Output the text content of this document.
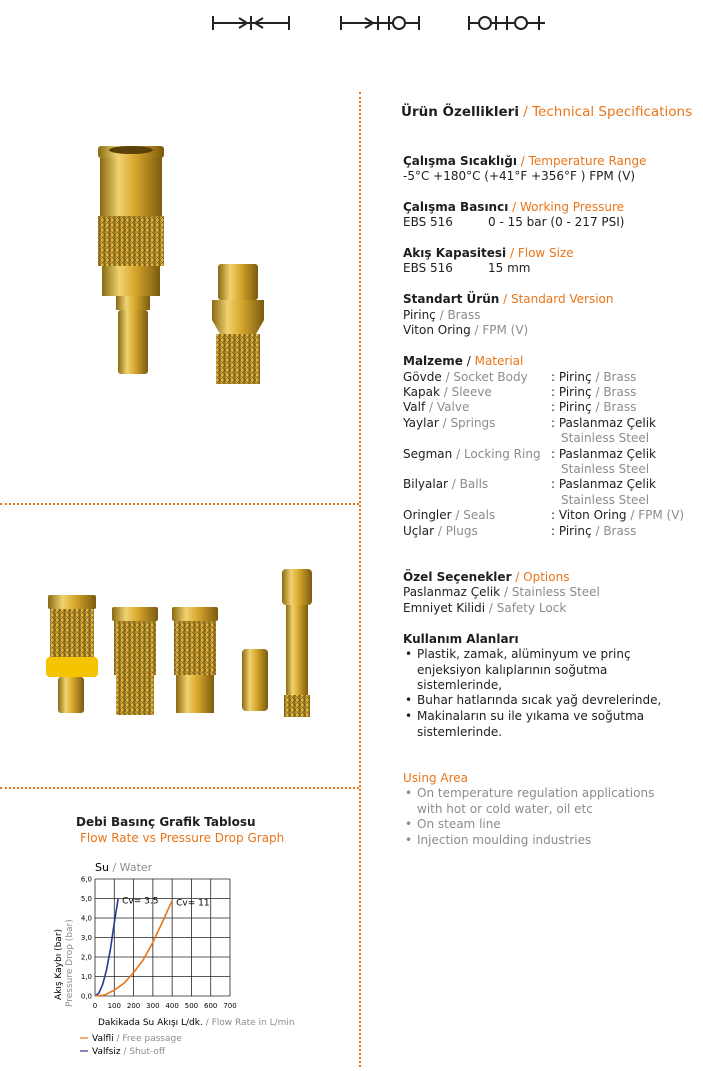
Ürün Özellikleri / Technical Specifications
Çalışma Sıcaklığı / Temperature Range
-5°C +180°C (+41°F +356°F ) FPM (V)
Çalışma Basıncı / Working Pressure
EBS 516	0 - 15 bar (0 - 217 PSI)
Akış Kapasitesi / Flow Size
EBS 516	15 mm
Standart Ürün / Standard Version
Pirinç / Brass
Viton Oring / FPM (V)
Malzeme / Material
Gövde / Socket Body : Pirinç / Brass
Kapak / Sleeve	: Pirinç / Brass
Valf / Valve	: Pirinç / Brass
Yaylar / Springs	: Paslanmaz Çelik
Stainless Steel
Segman / Locking Ring : Paslanmaz Çelik
Stainless Steel
Bilyalar / Balls	: Paslanmaz Çelik
Stainless Steel
Oringler / Seals	: Viton Oring / FPM (V)
Uçlar / Plugs	: Pirinç / Brass
Özel Seçenekler / Options
Paslanmaz Çelik / Stainless Steel
Emniyet Kilidi / Safety Lock
Kullanım Alanları
• Plastik, zamak, alüminyum ve prinç
enjeksiyon kalıplarının soğutma
sistemlerinde,
• Buhar hatlarında sıcak yağ devrelerinde,
• Makinaların su ile yıkama ve soğutma
sistemlerinde.
Using Area
• On temperature regulation applications
with hot or cold water, oil etc
• On steam line
• Injection moulding industries
Debi Basınç Grafik Tablosu
Flow Rate vs Pressure Drop Graph
Su / Water
0,0
1,0
2,0
3,0
4,0
5,0
6,0
0 100 200 300 400 500 600 700
Cv= 3.5 Cv= 11
Akış Kaybı (bar) Pressure Drop (bar)
Dakikada Su Akışı L/dk. / Flow Rate in L/min
Valfli / Free passage
Valfsiz / Shut-off
